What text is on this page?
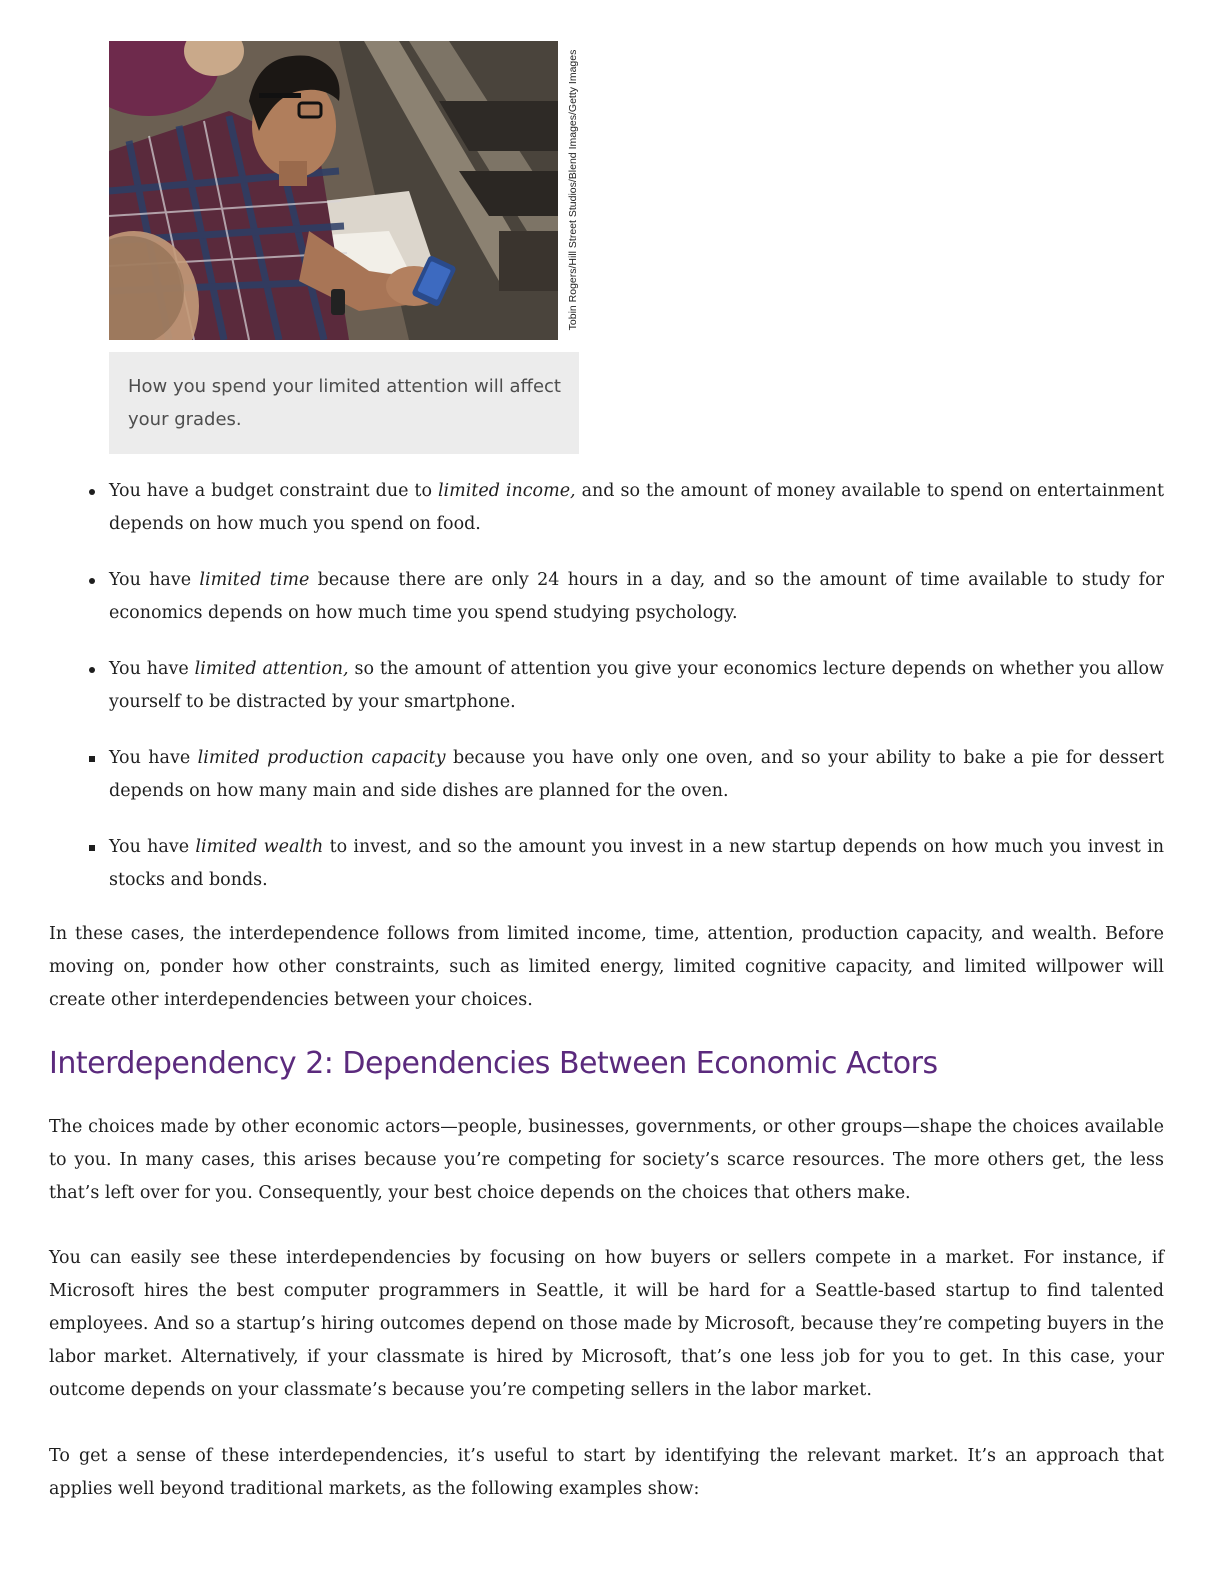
Tobin Rogers/Hill Street Studios/Blend Images/Getty Images
How you spend your limited attention will affect your grades.
You have a budget constraint due to limited income, and so the amount of money available to spend on entertainment depends on how much you spend on food.
You have limited time because there are only 24 hours in a day, and so the amount of time available to study for economics depends on how much time you spend studying psychology.
You have limited attention, so the amount of attention you give your economics lecture depends on whether you allow yourself to be distracted by your smartphone.
You have limited production capacity because you have only one oven, and so your ability to bake a pie for dessert depends on how many main and side dishes are planned for the oven.
You have limited wealth to invest, and so the amount you invest in a new startup depends on how much you invest in stocks and bonds.

In these cases, the interdependence follows from limited income, time, attention, production capacity, and wealth. Before moving on, ponder how other constraints, such as limited energy, limited cognitive capacity, and limited willpower will create other interdependencies between your choices.

Interdependency 2: Dependencies Between Economic Actors

The choices made by other economic actors—people, businesses, governments, or other groups—shape the choices available to you. In many cases, this arises because you’re competing for society’s scarce resources. The more others get, the less that’s left over for you. Consequently, your best choice depends on the choices that others make.

You can easily see these interdependencies by focusing on how buyers or sellers compete in a market. For instance, if Microsoft hires the best computer programmers in Seattle, it will be hard for a Seattle-based startup to find talented employees. And so a startup’s hiring outcomes depend on those made by Microsoft, because they’re competing buyers in the labor market. Alternatively, if your classmate is hired by Microsoft, that’s one less job for you to get. In this case, your outcome depends on your classmate’s because you’re competing sellers in the labor market.

To get a sense of these interdependencies, it’s useful to start by identifying the relevant market. It’s an approach that applies well beyond traditional markets, as the following examples show:
